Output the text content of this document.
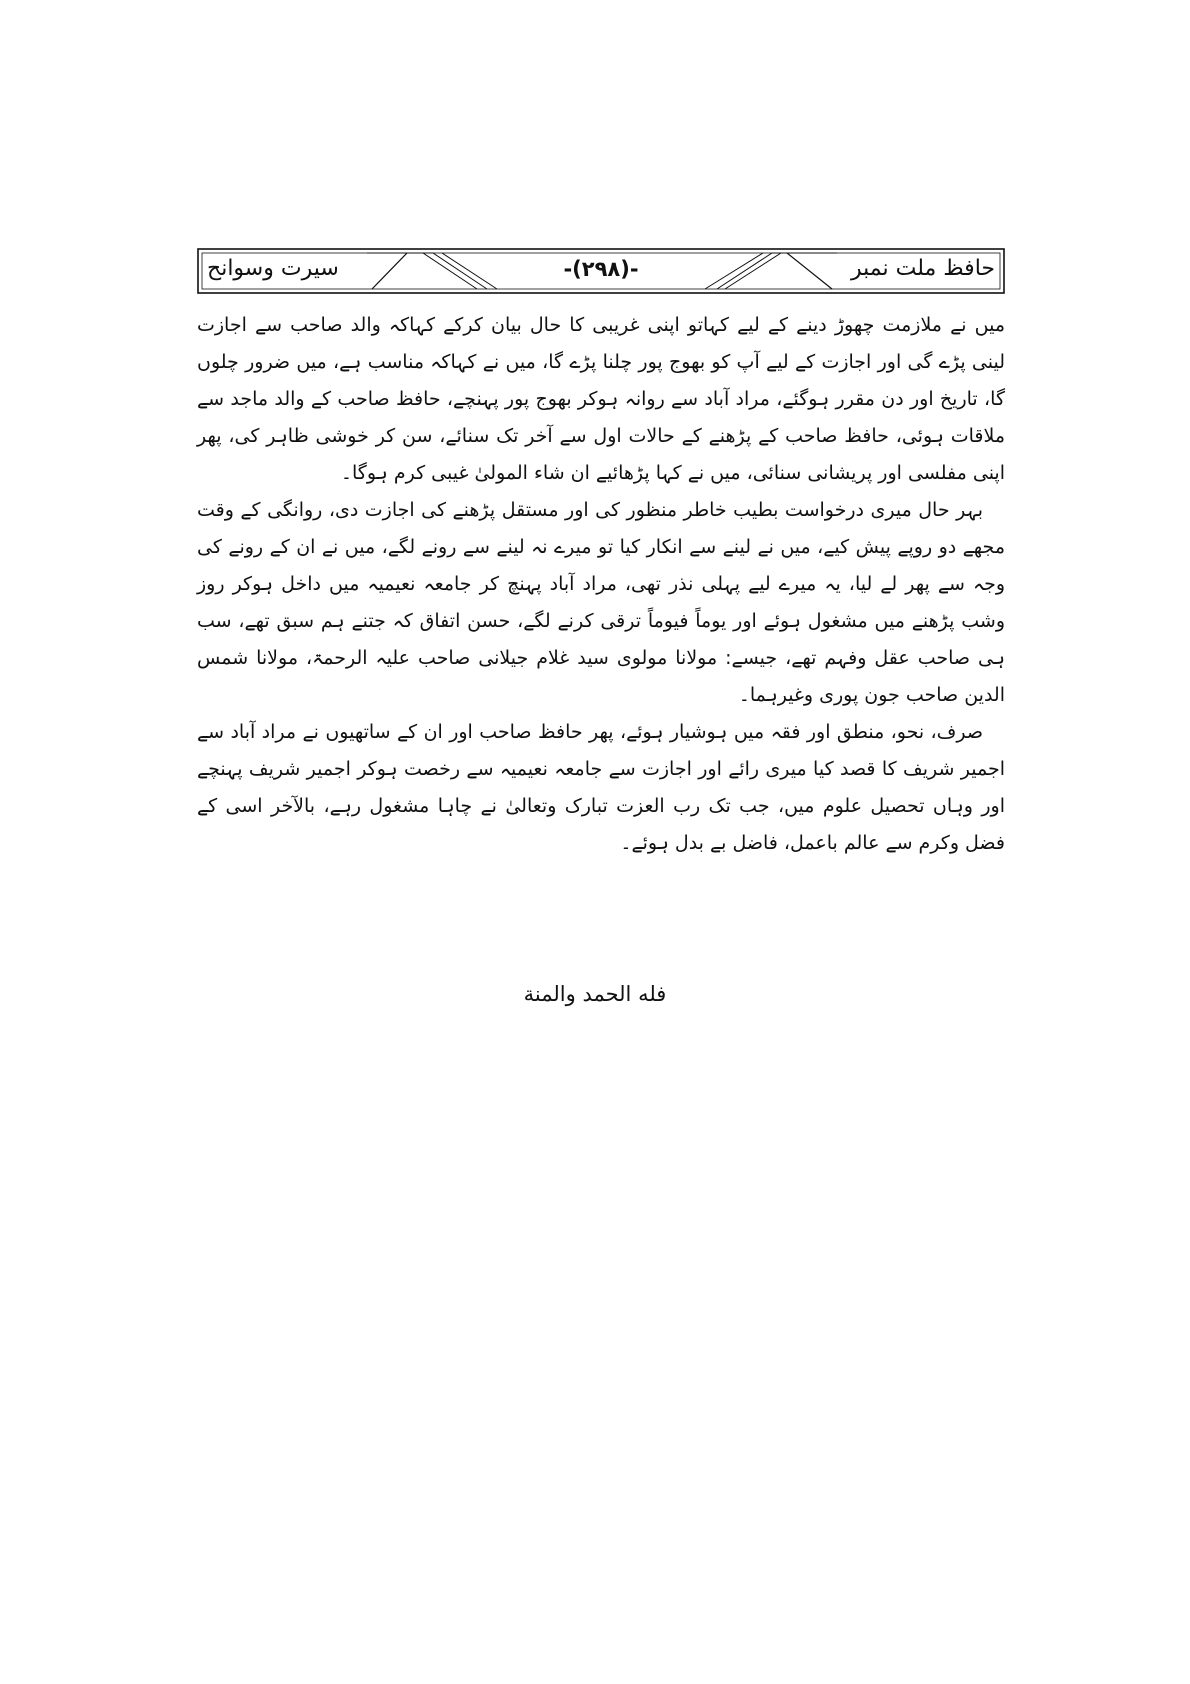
حافظ ملت نمبر
-(۲۹۸)-
سیرت وسوانح

میں نے ملازمت چھوڑ دینے کے لیے کہاتو اپنی غریبی کا حال بیان کرکے کہاکہ والد صاحب سے اجازت لینی پڑے گی اور اجازت کے لیے آپ کو بھوج پور چلنا پڑے گا، میں نے کہاکہ مناسب ہے، میں ضرور چلوں گا، تاریخ اور دن مقرر ہوگئے، مراد آباد سے روانہ ہوکر بھوج پور پہنچے، حافظ صاحب کے والد ماجد سے ملاقات ہوئی، حافظ صاحب کے پڑھنے کے حالات اول سے آخر تک سنائے، سن کر خوشی ظاہر کی، پھر اپنی مفلسی اور پریشانی سنائی، میں نے کہا پڑھائیے ان شاء المولیٰ غیبی کرم ہوگا۔

بہر حال میری درخواست بطیب خاطر منظور کی اور مستقل پڑھنے کی اجازت دی، روانگی کے وقت مجھے دو روپے پیش کیے، میں نے لینے سے انکار کیا تو میرے نہ لینے سے رونے لگے، میں نے ان کے رونے کی وجہ سے پھر لے لیا، یہ میرے لیے پہلی نذر تھی، مراد آباد پہنچ کر جامعہ نعیمیہ میں داخل ہوکر روز وشب پڑھنے میں مشغول ہوئے اور یوماً فیوماً ترقی کرنے لگے، حسن اتفاق کہ جتنے ہم سبق تھے، سب ہی صاحب عقل وفہم تھے، جیسے: مولانا مولوی سید غلام جیلانی صاحب علیہ الرحمۃ، مولانا شمس الدین صاحب جون پوری وغیرہما۔

صرف، نحو، منطق اور فقہ میں ہوشیار ہوئے، پھر حافظ صاحب اور ان کے ساتھیوں نے مراد آباد سے اجمیر شریف کا قصد کیا میری رائے اور اجازت سے جامعہ نعیمیہ سے رخصت ہوکر اجمیر شریف پہنچے اور وہاں تحصیل علوم میں، جب تک رب العزت تبارک وتعالیٰ نے چاہا مشغول رہے، بالآخر اسی کے فضل وکرم سے عالم باعمل، فاضل بے بدل ہوئے۔

فله الحمد والمنة
